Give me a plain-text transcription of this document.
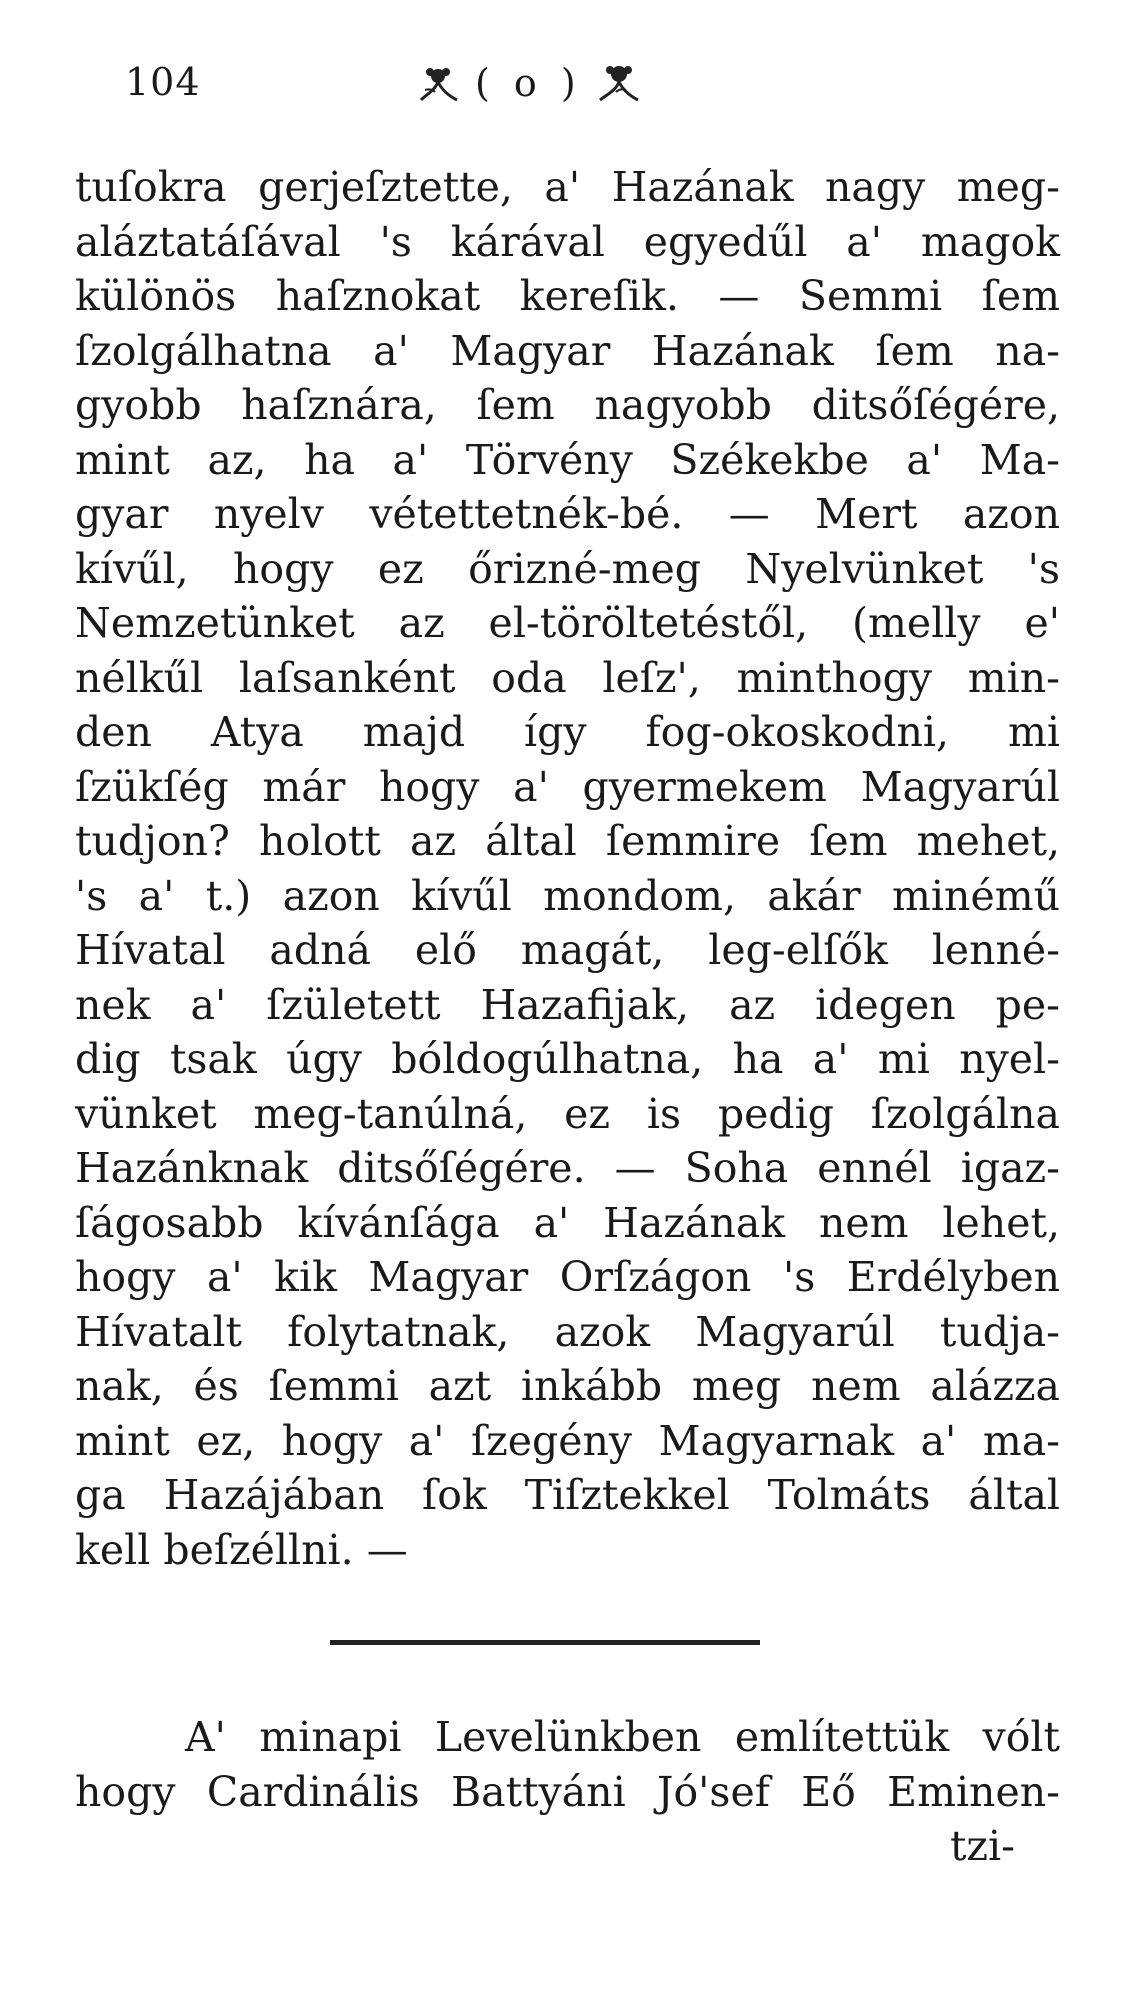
104	( o )
tuſokra gerjeſztette, a' Hazának nagy meg-
aláztatáſával 's kárával egyedűl a' magok
különös haſznokat kereſik. — Semmi ſem
ſzolgálhatna a' Magyar Hazának ſem na-
gyobb haſznára, ſem nagyobb ditsőſégére,
mint az, ha a' Törvény Székekbe a' Ma-
gyar nyelv vétettetnék-bé. — Mert azon
kívűl, hogy ez őrizné-meg Nyelvünket 's
Nemzetünket az el-töröltetéstől, (melly e'
nélkűl laſsanként oda leſz', minthogy min-
den Atya majd így fog-okoskodni, mi
ſzükſég már hogy a' gyermekem Magyarúl
tudjon? holott az által ſemmire ſem mehet,
's a' t.) azon kívűl mondom, akár minémű
Hívatal adná elő magát, leg-elſők lenné-
nek a' ſzületett Hazafijak, az idegen pe-
dig tsak úgy bóldogúlhatna, ha a' mi nyel-
vünket meg-tanúlná, ez is pedig ſzolgálna
Hazánknak ditsőſégére. — Soha ennél igaz-
ſágosabb kívánſága a' Hazának nem lehet,
hogy a' kik Magyar Orſzágon 's Erdélyben
Hívatalt folytatnak, azok Magyarúl tudja-
nak, és ſemmi azt inkább meg nem alázza
mint ez, hogy a' ſzegény Magyarnak a' ma-
ga Hazájában ſok Tiſztekkel Tolmáts által
kell beſzéllni. —
A' minapi Levelünkben említettük vólt
hogy Cardinális Battyáni Jó'sef Eő Eminen-
tzi-
